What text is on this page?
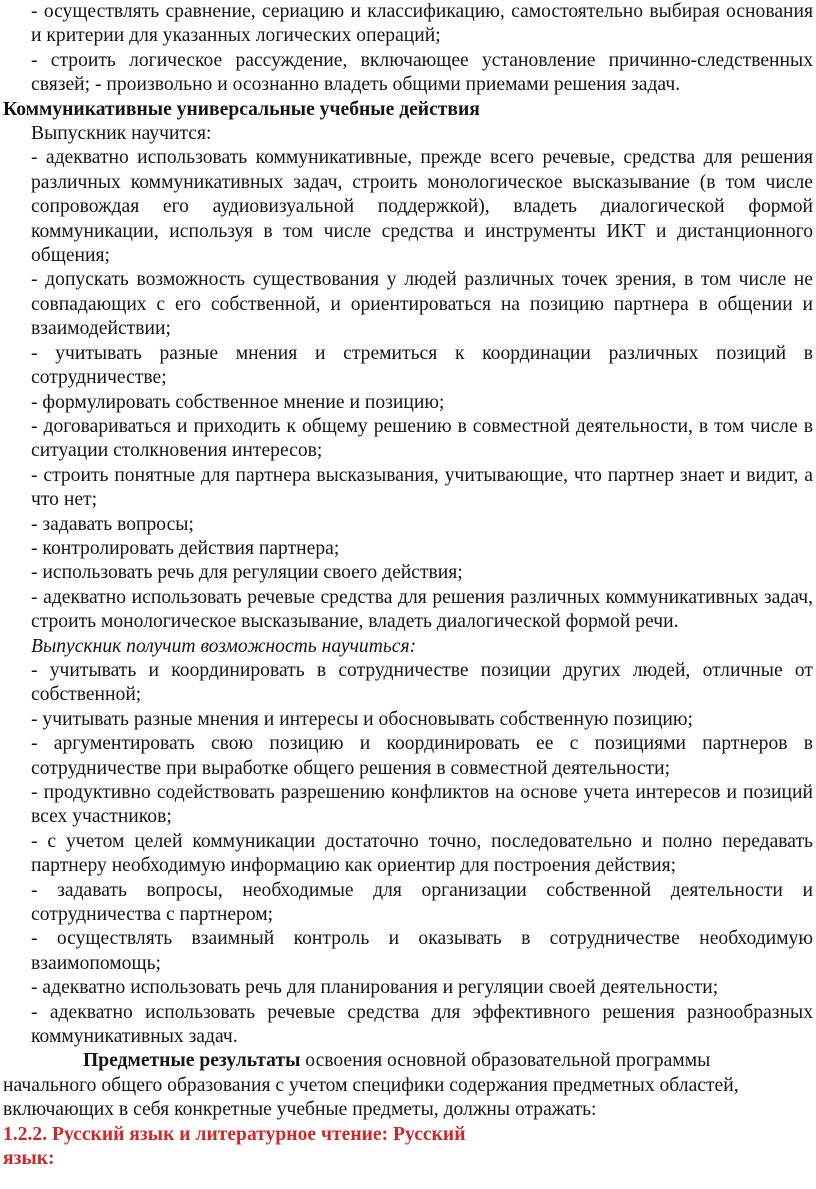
- осуществлять сравнение, сериацию и классификацию, самостоятельно выбирая основания и критерии для указанных логических операций;

- строить логическое рассуждение, включающее установление причинно-следственных связей; - произвольно и осознанно владеть общими приемами решения задач.

Коммуникативные универсальные учебные действия

Выпускник научится:

- адекватно использовать коммуникативные, прежде всего речевые, средства для решения различных коммуникативных задач, строить монологическое высказывание (в том числе сопровождая его аудиовизуальной поддержкой), владеть диалогической формой коммуникации, используя в том числе средства и инструменты ИКТ и дистанционного общения;

- допускать возможность существования у людей различных точек зрения, в том числе не совпадающих с его собственной, и ориентироваться на позицию партнера в общении и взаимодействии;

- учитывать разные мнения и стремиться к координации различных позиций в сотрудничестве;

- формулировать собственное мнение и позицию;

- договариваться и приходить к общему решению в совместной деятельности, в том числе в ситуации столкновения интересов;

- строить понятные для партнера высказывания, учитывающие, что партнер знает и видит, а что нет;

- задавать вопросы;

- контролировать действия партнера;

- использовать речь для регуляции своего действия;

- адекватно использовать речевые средства для решения различных коммуникативных задач, строить монологическое высказывание, владеть диалогической формой речи.

Выпускник получит возможность научиться:

- учитывать и координировать в сотрудничестве позиции других людей, отличные от собственной;

- учитывать разные мнения и интересы и обосновывать собственную позицию;

- аргументировать свою позицию и координировать ее с позициями партнеров в сотрудничестве при выработке общего решения в совместной деятельности;

- продуктивно содействовать разрешению конфликтов на основе учета интересов и позиций всех участников;

- с учетом целей коммуникации достаточно точно, последовательно и полно передавать партнеру необходимую информацию как ориентир для построения действия;

- задавать вопросы, необходимые для организации собственной деятельности и сотрудничества с партнером;

- осуществлять взаимный контроль и оказывать в сотрудничестве необходимую взаимопомощь;

- адекватно использовать речь для планирования и регуляции своей деятельности;

- адекватно использовать речевые средства для эффективного решения разнообразных коммуникативных задач.

Предметные результаты освоения основной образовательной программы начального общего образования с учетом специфики содержания предметных областей, включающих в себя конкретные учебные предметы, должны отражать:

1.2.2. Русский язык и литературное чтение: Русский язык:
